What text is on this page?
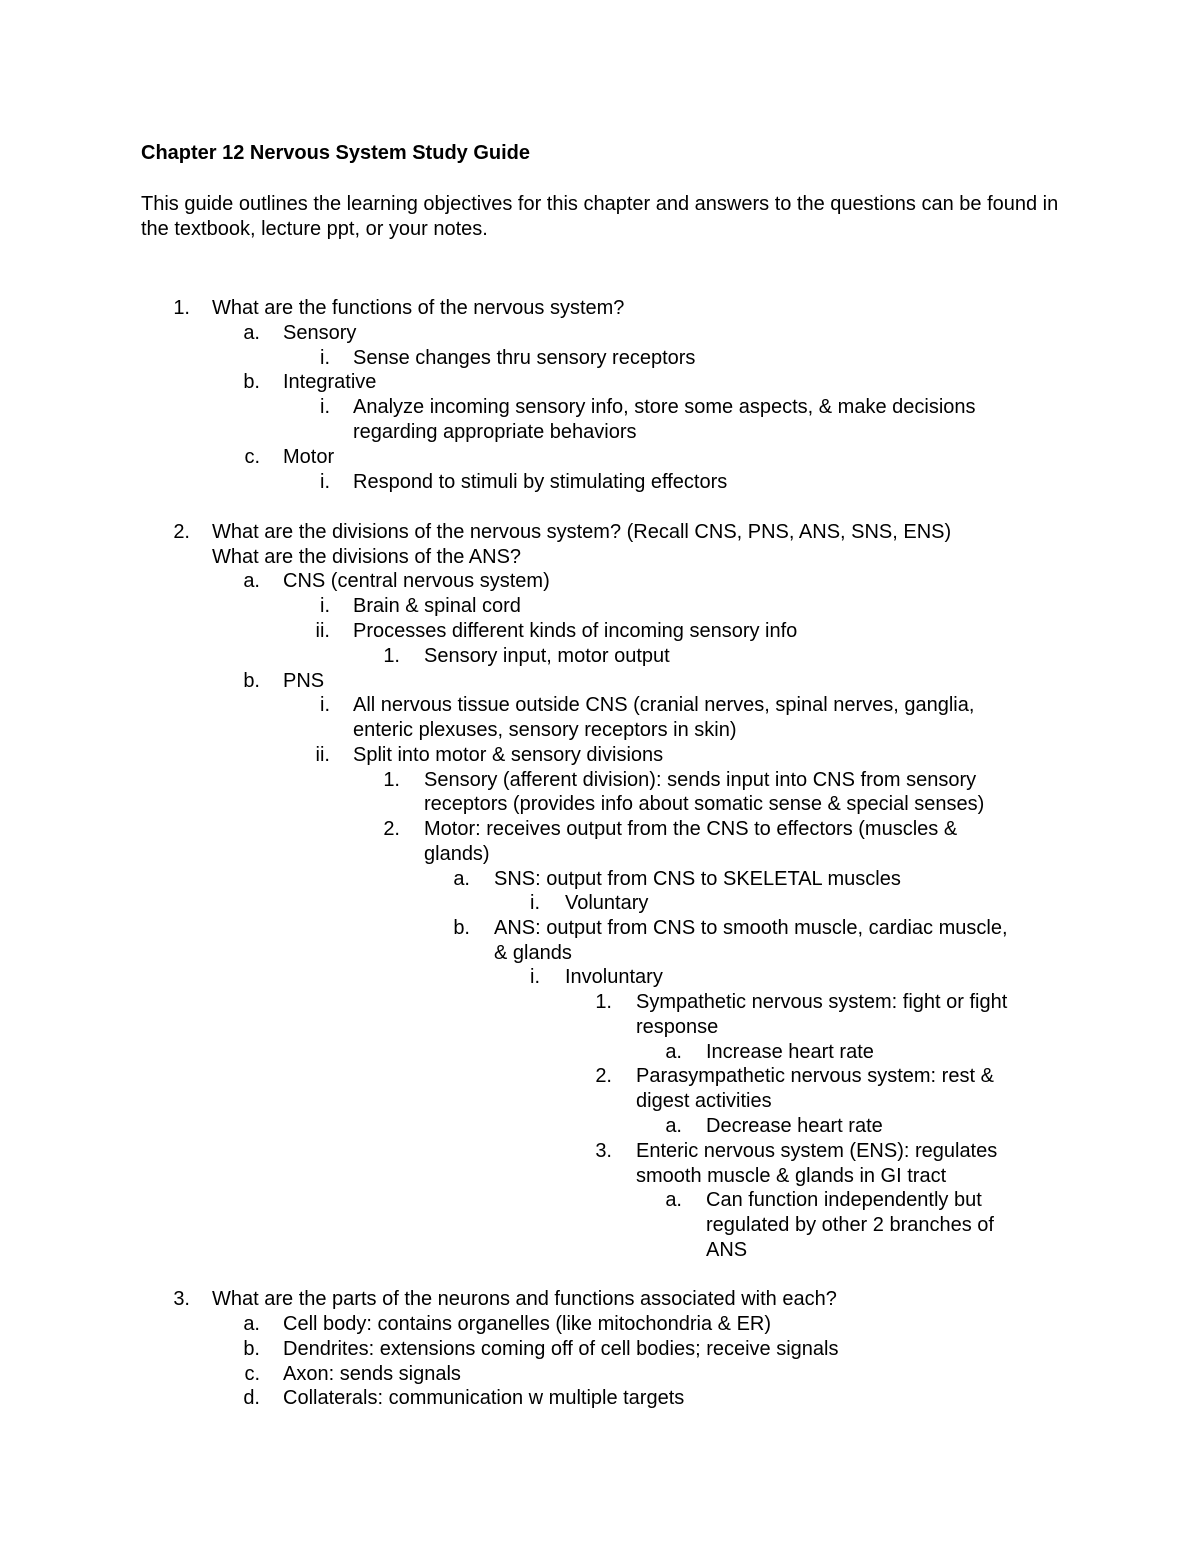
Chapter 12 Nervous System Study Guide

This guide outlines the learning objectives for this chapter and answers to the questions can be found in the textbook, lecture ppt, or your notes.

1. What are the functions of the nervous system?
a. Sensory
i. Sense changes thru sensory receptors
b. Integrative
i. Analyze incoming sensory info, store some aspects, & make decisions
regarding appropriate behaviors
c. Motor
i. Respond to stimuli by stimulating effectors
2. What are the divisions of the nervous system? (Recall CNS, PNS, ANS, SNS, ENS)
What are the divisions of the ANS?
a. CNS (central nervous system)
i. Brain & spinal cord
ii. Processes different kinds of incoming sensory info
1. Sensory input, motor output
b. PNS
i. All nervous tissue outside CNS (cranial nerves, spinal nerves, ganglia,
enteric plexuses, sensory receptors in skin)
ii. Split into motor & sensory divisions
1. Sensory (afferent division): sends input into CNS from sensory
receptors (provides info about somatic sense & special senses)
2. Motor: receives output from the CNS to effectors (muscles &
glands)
a. SNS: output from CNS to SKELETAL muscles
i. Voluntary
b. ANS: output from CNS to smooth muscle, cardiac muscle,
& glands
i. Involuntary
1. Sympathetic nervous system: fight or fight
response
a. Increase heart rate
2. Parasympathetic nervous system: rest &
digest activities
a. Decrease heart rate
3. Enteric nervous system (ENS): regulates
smooth muscle & glands in GI tract
a. Can function independently but
regulated by other 2 branches of
ANS
3. What are the parts of the neurons and functions associated with each?
a. Cell body: contains organelles (like mitochondria & ER)
b. Dendrites: extensions coming off of cell bodies; receive signals
c. Axon: sends signals
d. Collaterals: communication w multiple targets
